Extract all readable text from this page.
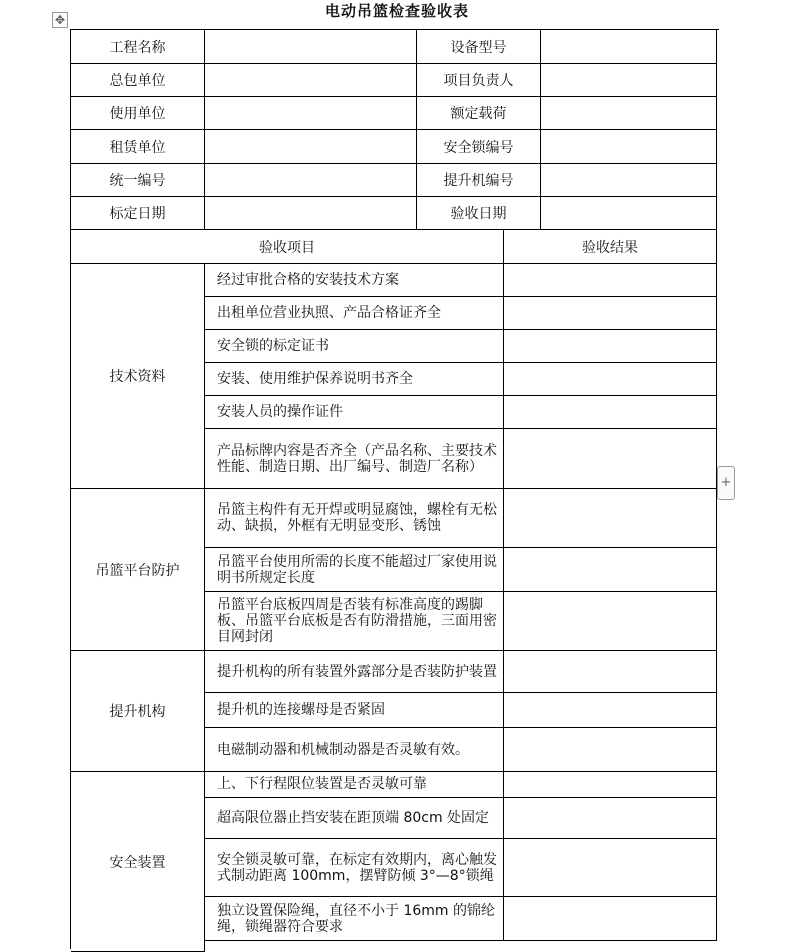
✥	电动吊篮检查验收表
工程名称	设备型号
总包单位	项目负责人
使用单位	额定载荷
租赁单位	安全锁编号
统一编号	提升机编号
标定日期	验收日期
验收项目	验收结果
技术资料
经过审批合格的安装技术方案
出租单位营业执照、产品合格证齐全
安全锁的标定证书
安装、使用维护保养说明书齐全
安装人员的操作证件
产品标牌内容是否齐全（产品名称、主要技术性能、制造日期、出厂编号、制造厂名称）
吊篮平台防护
吊篮主构件有无开焊或明显腐蚀，螺栓有无松动、缺损，外框有无明显变形、锈蚀
吊篮平台使用所需的长度不能超过厂家使用说明书所规定长度
吊篮平台底板四周是否装有标准高度的踢脚板、吊篮平台底板是否有防滑措施，三面用密目网封闭
提升机构
提升机构的所有装置外露部分是否装防护装置
提升机的连接螺母是否紧固
电磁制动器和机械制动器是否灵敏有效。
安全装置
上、下行程限位装置是否灵敏可靠
超高限位器止挡安装在距顶端 80cm 处固定
安全锁灵敏可靠，在标定有效期内，离心触发式制动距离 100mm，摆臂防倾 3°—8°锁绳
独立设置保险绳，直径不小于 16mm 的锦纶绳，锁绳器符合要求
+
